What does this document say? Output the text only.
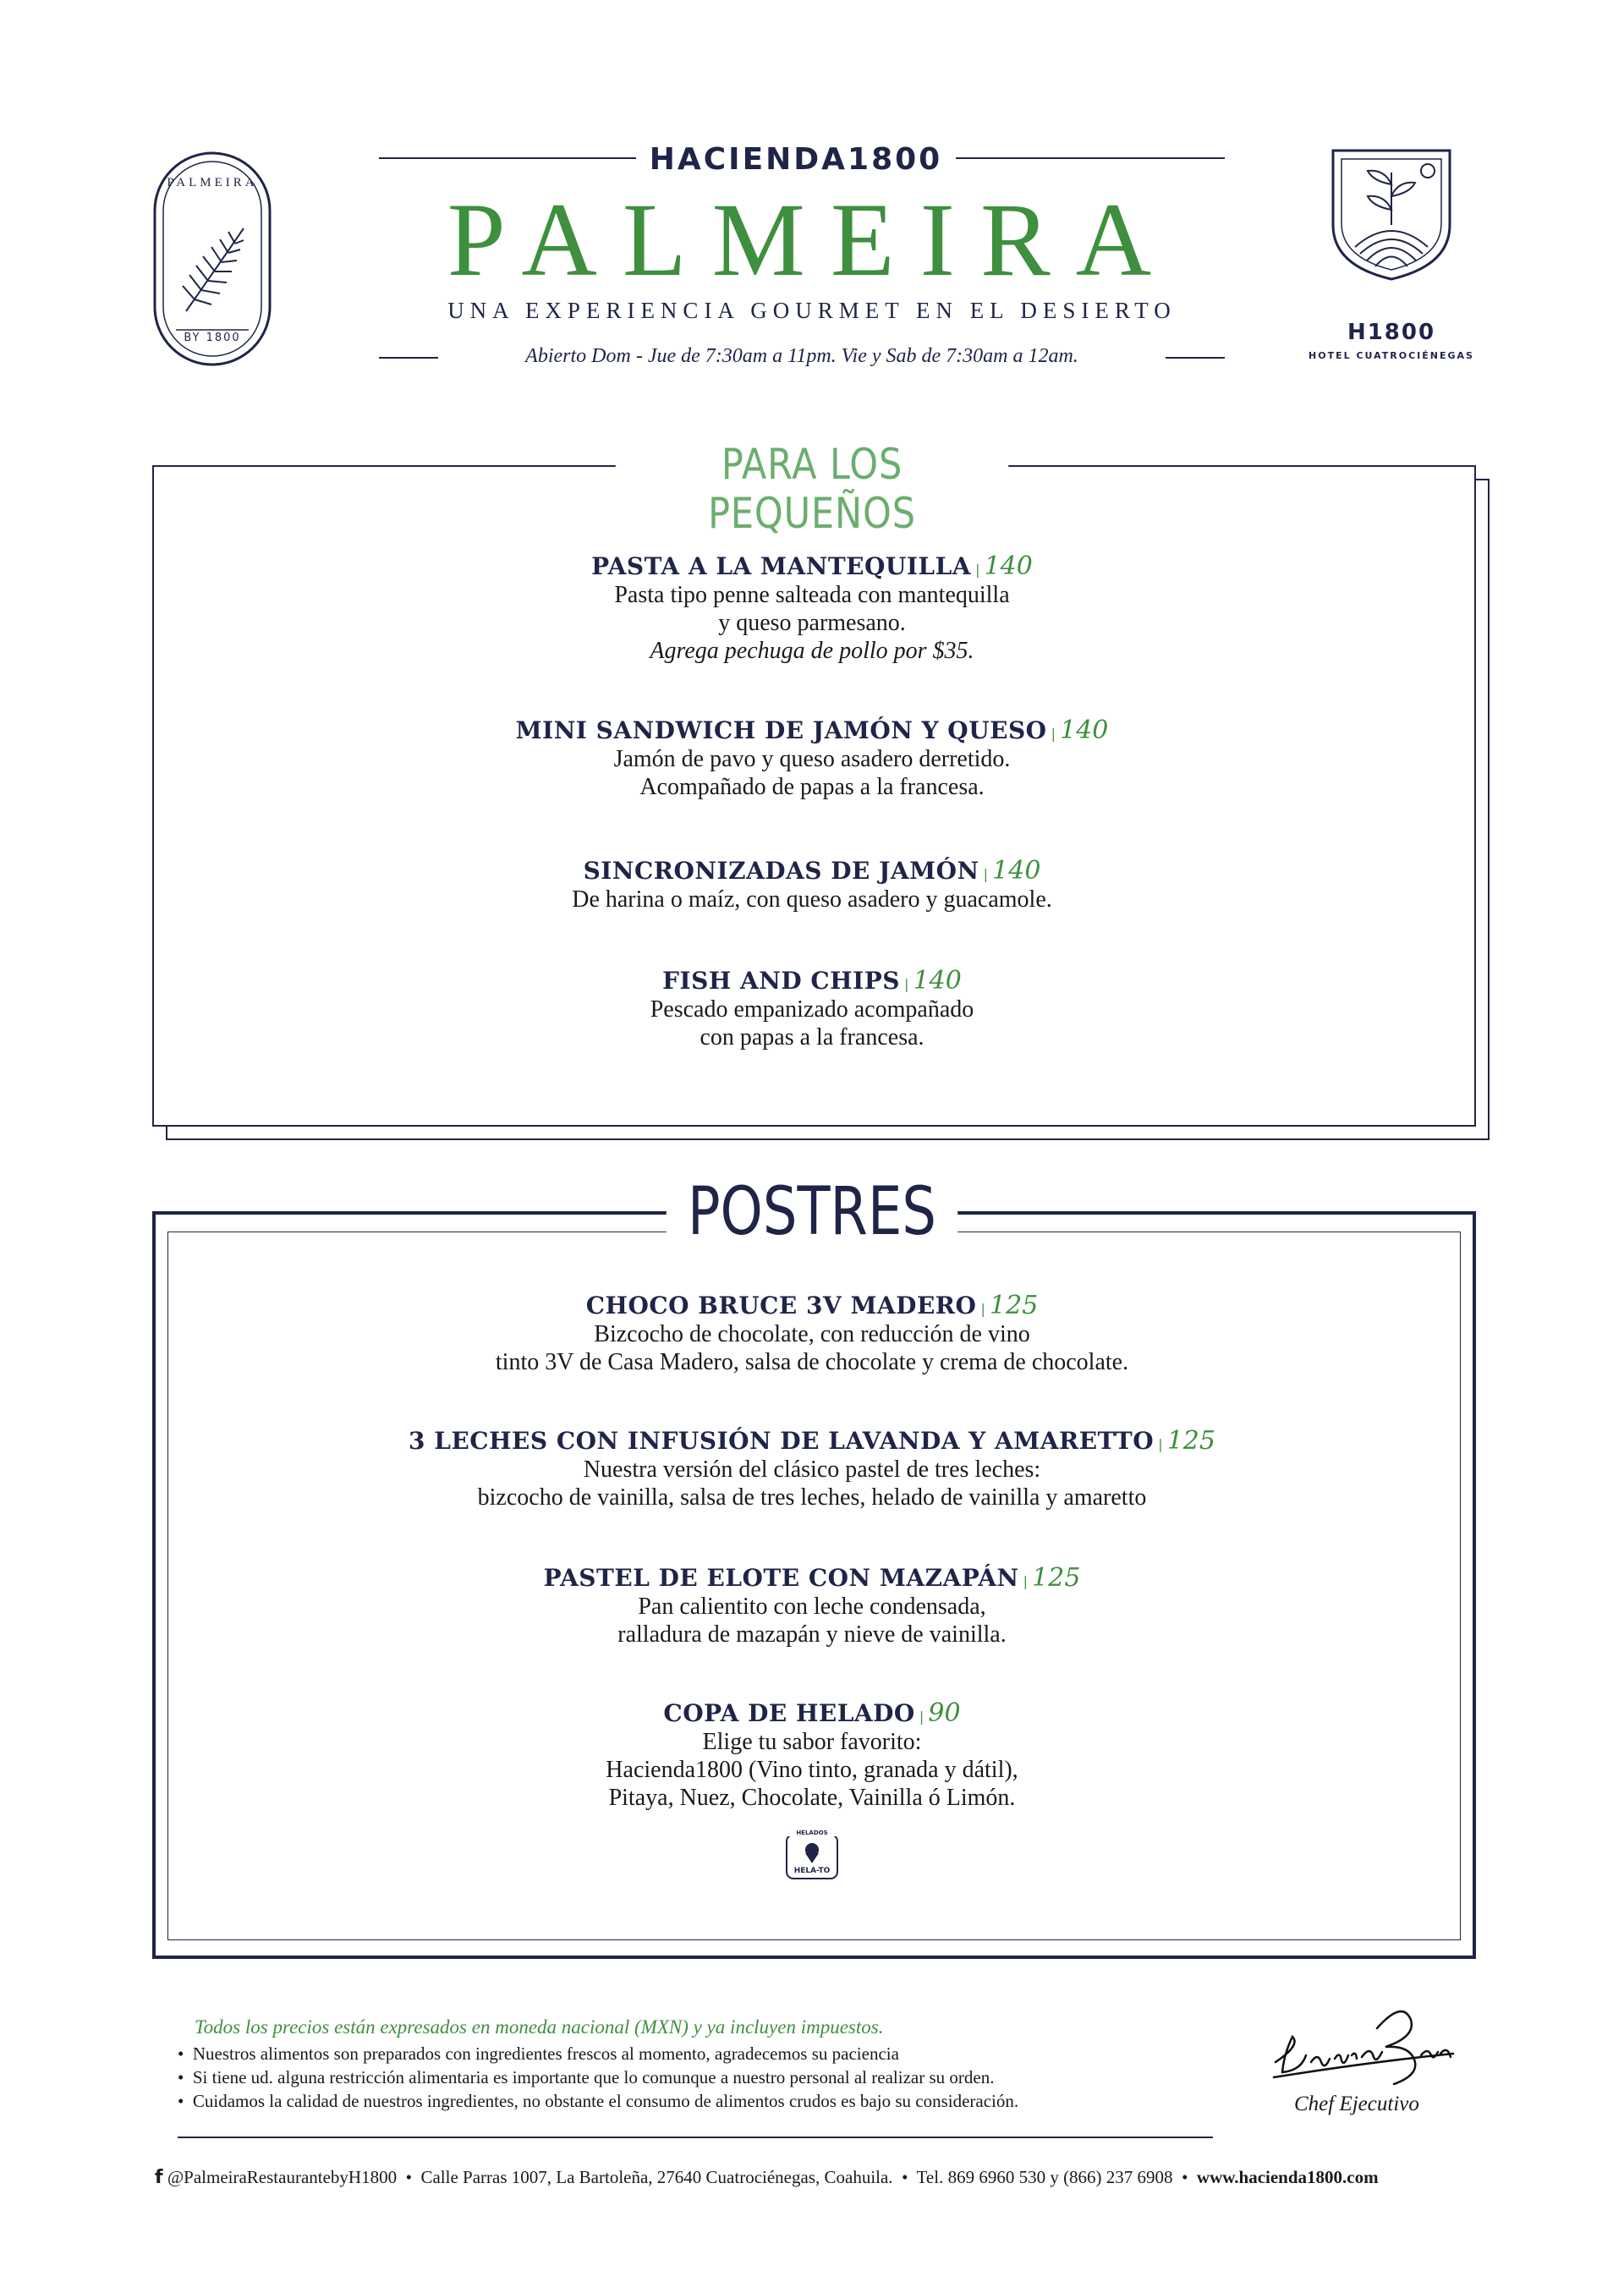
PALMEIRA
BY 1800
HACIENDA1800
PALMEIRA
UNA EXPERIENCIA GOURMET EN EL DESIERTO
Abierto Dom - Jue de 7:30am a 11pm. Vie y Sab de 7:30am a 12am.
H1800
HOTEL CUATROCIÉNEGAS
PARA LOS PEQUEÑOS
PASTA A LA MANTEQUILLA | 140
Pasta tipo penne salteada con mantequilla
y queso parmesano.
Agrega pechuga de pollo por $35.
MINI SANDWICH DE JAMÓN Y QUESO | 140
Jamón de pavo y queso asadero derretido.
Acompañado de papas a la francesa.
SINCRONIZADAS DE JAMÓN | 140
De harina o maíz, con queso asadero y guacamole.
FISH AND CHIPS | 140
Pescado empanizado acompañado
con papas a la francesa.
POSTRES
CHOCO BRUCE 3V MADERO | 125
Bizcocho de chocolate, con reducción de vino
tinto 3V de Casa Madero, salsa de chocolate y crema de chocolate.
3 LECHES CON INFUSIÓN DE LAVANDA Y AMARETTO | 125
Nuestra versión del clásico pastel de tres leches:
bizcocho de vainilla, salsa de tres leches, helado de vainilla y amaretto
PASTEL DE ELOTE CON MAZAPÁN | 125
Pan calientito con leche condensada,
ralladura de mazapán y nieve de vainilla.
COPA DE HELADO | 90
Elige tu sabor favorito:
Hacienda1800 (Vino tinto, granada y dátil),
Pitaya, Nuez, Chocolate, Vainilla ó Limón.
HELADOS
HELA-TO
Todos los precios están expresados en moneda nacional (MXN) y ya incluyen impuestos.
•  Nuestros alimentos son preparados con ingredientes frescos al momento, agradecemos su paciencia
•  Si tiene ud. alguna restricción alimentaria es importante que lo comunque a nuestro personal al realizar su orden.
•  Cuidamos la calidad de nuestros ingredientes, no obstante el consumo de alimentos crudos es bajo su consideración.	Chef Ejecutivo
f @PalmeiraRestaurantebyH1800  •  Calle Parras 1007, La Bartoleña, 27640 Cuatrociénegas, Coahuila.  •  Tel. 869 6960 530 y (866) 237 6908  •  www.hacienda1800.com
